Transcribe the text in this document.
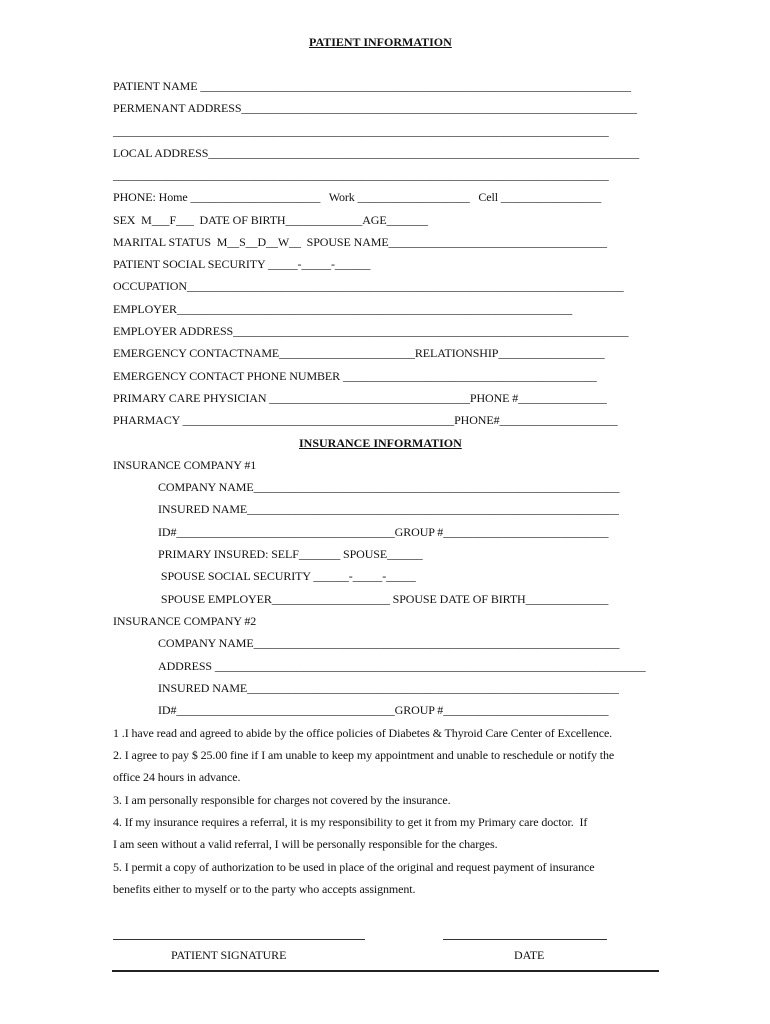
PATIENT INFORMATION
PATIENT NAME _________________________________________________________________________
PERMENANT ADDRESS___________________________________________________________________
____________________________________________________________________________________
LOCAL ADDRESS_________________________________________________________________________
____________________________________________________________________________________
PHONE: Home ______________________   Work ___________________   Cell _________________
SEX  M___F___  DATE OF BIRTH_____________AGE_______
MARITAL STATUS  M__S__D__W__  SPOUSE NAME_____________________________________
PATIENT SOCIAL SECURITY _____-_____-______
OCCUPATION__________________________________________________________________________
EMPLOYER___________________________________________________________________
EMPLOYER ADDRESS___________________________________________________________________
EMERGENCY CONTACTNAME_______________________RELATIONSHIP__________________
EMERGENCY CONTACT PHONE NUMBER ___________________________________________
PRIMARY CARE PHYSICIAN __________________________________PHONE #_______________
PHARMACY ______________________________________________PHONE#____________________
INSURANCE INFORMATION
INSURANCE COMPANY #1
COMPANY NAME______________________________________________________________
INSURED NAME_______________________________________________________________
ID#_____________________________________GROUP #____________________________
PRIMARY INSURED: SELF_______ SPOUSE______
SPOUSE SOCIAL SECURITY ______-_____-_____
SPOUSE EMPLOYER____________________ SPOUSE DATE OF BIRTH______________
INSURANCE COMPANY #2
COMPANY NAME______________________________________________________________
ADDRESS _________________________________________________________________________
INSURED NAME_______________________________________________________________
ID#_____________________________________GROUP #____________________________
1 .I have read and agreed to abide by the office policies of Diabetes & Thyroid Care Center of Excellence.
2. I agree to pay $ 25.00 fine if I am unable to keep my appointment and unable to reschedule or notify the
office 24 hours in advance.
3. I am personally responsible for charges not covered by the insurance.
4. If my insurance requires a referral, it is my responsibility to get it from my Primary care doctor.  If
I am seen without a valid referral, I will be personally responsible for the charges.
5. I permit a copy of authorization to be used in place of the original and request payment of insurance
benefits either to myself or to the party who accepts assignment.
PATIENT SIGNATURE	DATE
